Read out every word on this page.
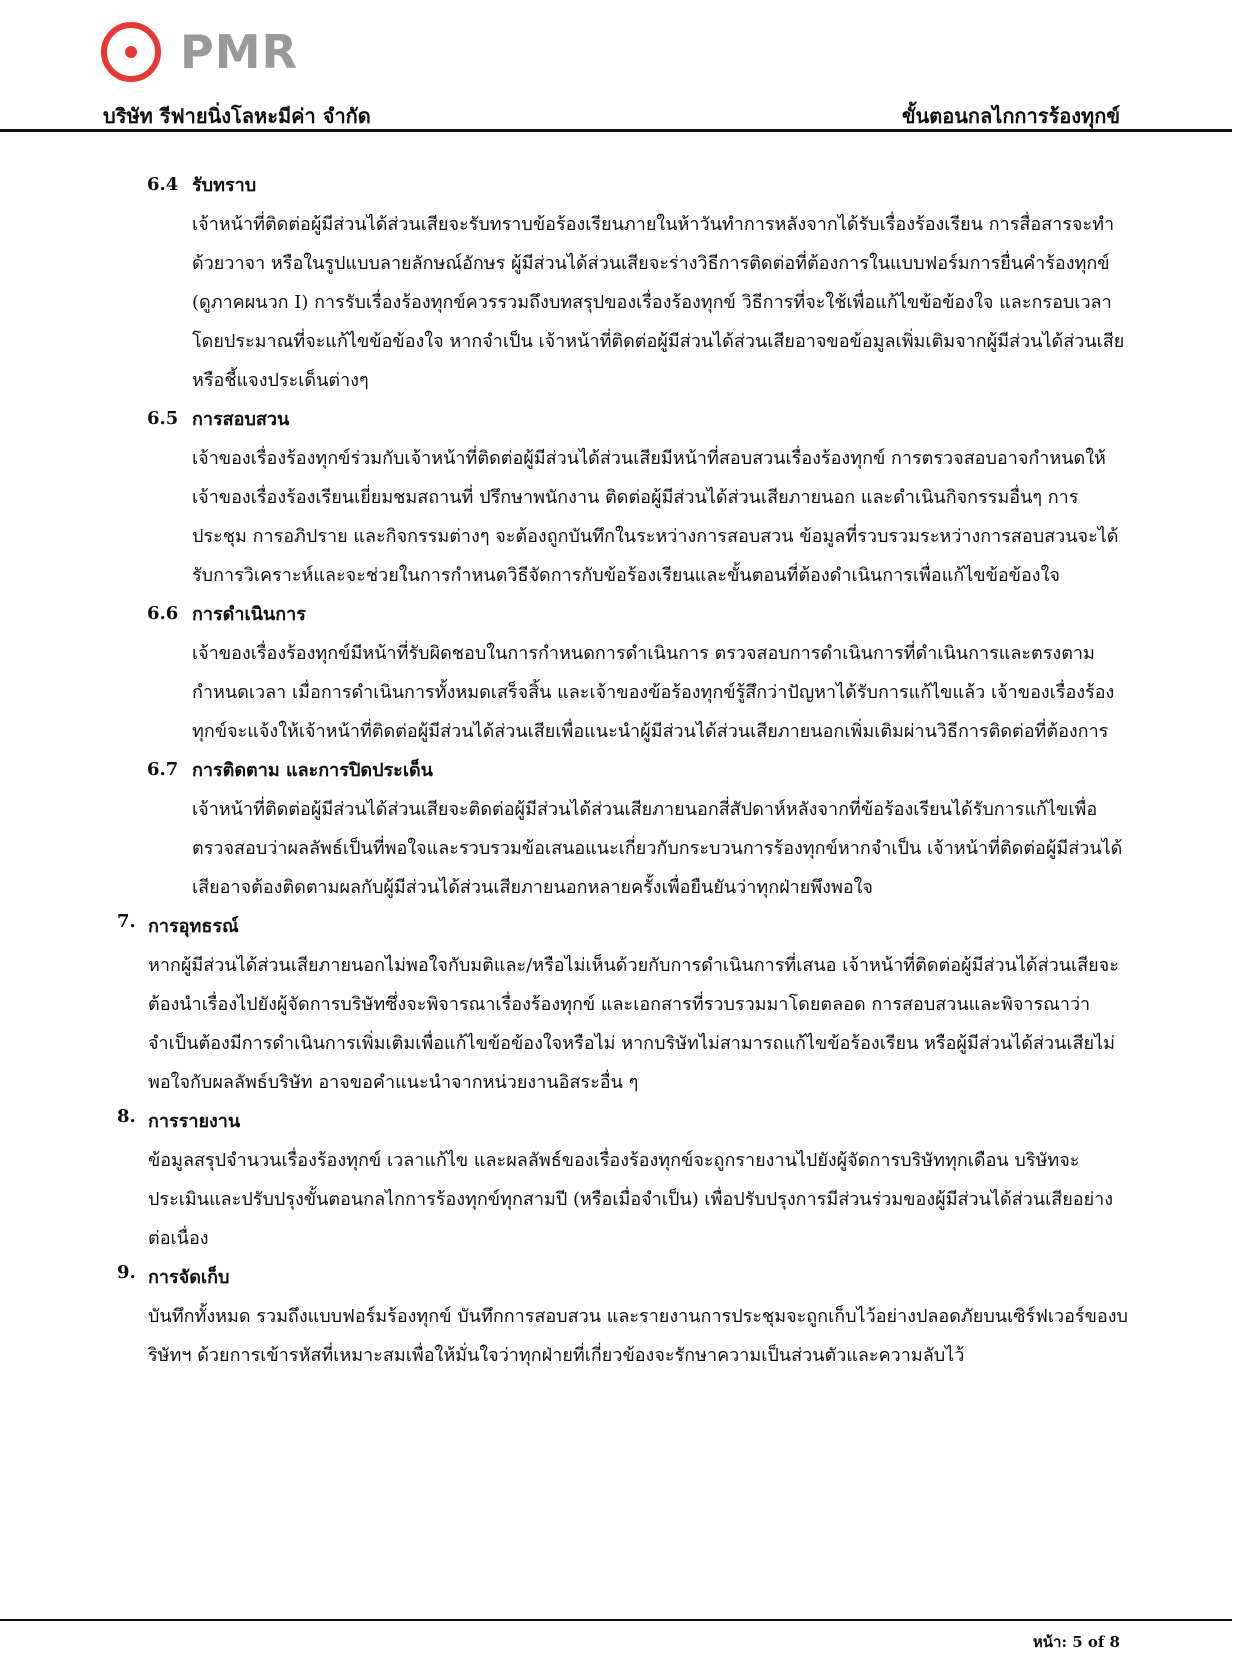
PMR
บริษัท รีฟายนิ่งโลหะมีค่า จำกัด	ขั้นตอนกลไกการร้องทุกข์
6.4 รับทราบ
เจ้าหน้าที่ติดต่อผู้มีส่วนได้ส่วนเสียจะรับทราบข้อร้องเรียนภายในห้าวันทำการหลังจากได้รับเรื่องร้องเรียน การสื่อสารจะทำด้วยวาจา หรือในรูปแบบลายลักษณ์อักษร ผู้มีส่วนได้ส่วนเสียจะร่างวิธีการติดต่อที่ต้องการในแบบฟอร์มการยื่นคำร้องทุกข์ (ดูภาคผนวก I) การรับเรื่องร้องทุกข์ควรรวมถึงบทสรุปของเรื่องร้องทุกข์ วิธีการที่จะใช้เพื่อแก้ไขข้อข้องใจ และกรอบเวลาโดยประมาณที่จะแก้ไขข้อข้องใจ หากจำเป็น เจ้าหน้าที่ติดต่อผู้มีส่วนได้ส่วนเสียอาจขอข้อมูลเพิ่มเติมจากผู้มีส่วนได้ส่วนเสียหรือชี้แจงประเด็นต่างๆ
6.5 การสอบสวน
เจ้าของเรื่องร้องทุกข์ร่วมกับเจ้าหน้าที่ติดต่อผู้มีส่วนได้ส่วนเสียมีหน้าที่สอบสวนเรื่องร้องทุกข์ การตรวจสอบอาจกำหนดให้เจ้าของเรื่องร้องเรียนเยี่ยมชมสถานที่ ปรึกษาพนักงาน ติดต่อผู้มีส่วนได้ส่วนเสียภายนอก และดำเนินกิจกรรมอื่นๆ การประชุม การอภิปราย และกิจกรรมต่างๆ จะต้องถูกบันทึกในระหว่างการสอบสวน ข้อมูลที่รวบรวมระหว่างการสอบสวนจะได้รับการวิเคราะห์และจะช่วยในการกำหนดวิธีจัดการกับข้อร้องเรียนและขั้นตอนที่ต้องดำเนินการเพื่อแก้ไขข้อข้องใจ
6.6 การดำเนินการ
เจ้าของเรื่องร้องทุกข์มีหน้าที่รับผิดชอบในการกำหนดการดำเนินการ ตรวจสอบการดำเนินการที่ดำเนินการและตรงตามกำหนดเวลา เมื่อการดำเนินการทั้งหมดเสร็จสิ้น และเจ้าของข้อร้องทุกข์รู้สึกว่าปัญหาได้รับการแก้ไขแล้ว เจ้าของเรื่องร้องทุกข์จะแจ้งให้เจ้าหน้าที่ติดต่อผู้มีส่วนได้ส่วนเสียเพื่อแนะนำผู้มีส่วนได้ส่วนเสียภายนอกเพิ่มเติมผ่านวิธีการติดต่อที่ต้องการ
6.7 การติดตาม และการปิดประเด็น
เจ้าหน้าที่ติดต่อผู้มีส่วนได้ส่วนเสียจะติดต่อผู้มีส่วนได้ส่วนเสียภายนอกสี่สัปดาห์หลังจากที่ข้อร้องเรียนได้รับการแก้ไขเพื่อตรวจสอบว่าผลลัพธ์เป็นที่พอใจและรวบรวมข้อเสนอแนะเกี่ยวกับกระบวนการร้องทุกข์หากจำเป็น เจ้าหน้าที่ติดต่อผู้มีส่วนได้เสียอาจต้องติดตามผลกับผู้มีส่วนได้ส่วนเสียภายนอกหลายครั้งเพื่อยืนยันว่าทุกฝ่ายพึงพอใจ
7. การอุทธรณ์
หากผู้มีส่วนได้ส่วนเสียภายนอกไม่พอใจกับมติและ/หรือไม่เห็นด้วยกับการดำเนินการที่เสนอ เจ้าหน้าที่ติดต่อผู้มีส่วนได้ส่วนเสียจะต้องนำเรื่องไปยังผู้จัดการบริษัทซึ่งจะพิจารณาเรื่องร้องทุกข์ และเอกสารที่รวบรวมมาโดยตลอด การสอบสวนและพิจารณาว่าจำเป็นต้องมีการดำเนินการเพิ่มเติมเพื่อแก้ไขข้อข้องใจหรือไม่ หากบริษัทไม่สามารถแก้ไขข้อร้องเรียน หรือผู้มีส่วนได้ส่วนเสียไม่พอใจกับผลลัพธ์บริษัท อาจขอคำแนะนำจากหน่วยงานอิสระอื่น ๆ
8. การรายงาน
ข้อมูลสรุปจำนวนเรื่องร้องทุกข์ เวลาแก้ไข และผลลัพธ์ของเรื่องร้องทุกข์จะถูกรายงานไปยังผู้จัดการบริษัททุกเดือน บริษัทจะประเมินและปรับปรุงขั้นตอนกลไกการร้องทุกข์ทุกสามปี (หรือเมื่อจำเป็น) เพื่อปรับปรุงการมีส่วนร่วมของผู้มีส่วนได้ส่วนเสียอย่างต่อเนื่อง
9. การจัดเก็บ
บันทึกทั้งหมด รวมถึงแบบฟอร์มร้องทุกข์ บันทึกการสอบสวน และรายงานการประชุมจะถูกเก็บไว้อย่างปลอดภัยบนเซิร์ฟเวอร์ของบริษัทฯ ด้วยการเข้ารหัสที่เหมาะสมเพื่อให้มั่นใจว่าทุกฝ่ายที่เกี่ยวข้องจะรักษาความเป็นส่วนตัวและความลับไว้
หน้า: 5 of 8
